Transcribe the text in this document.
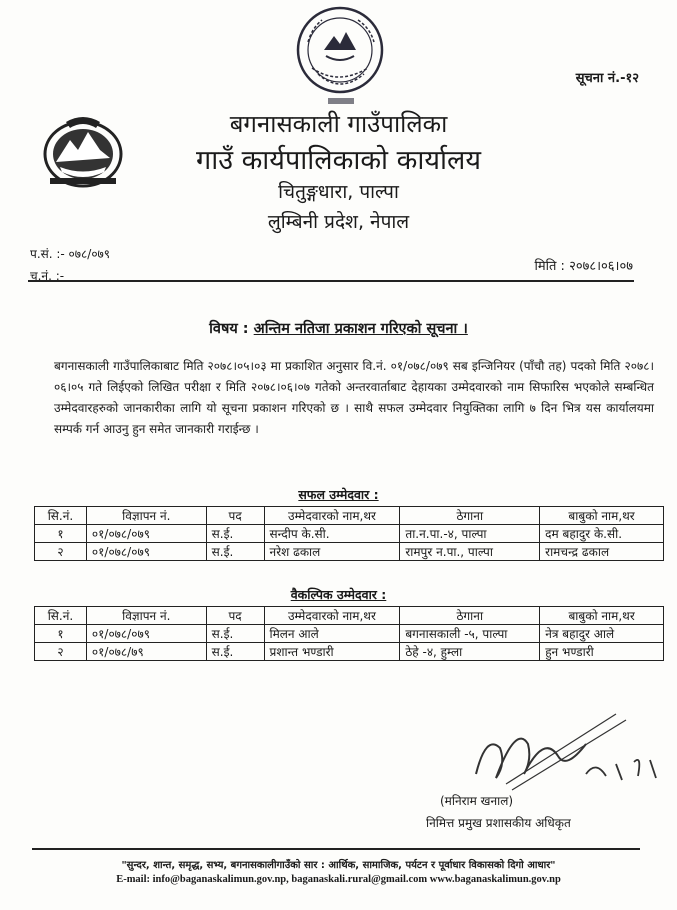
सूचना नं.-१२
बगनासकाली गाउँपालिका
गाउँ कार्यपालिकाको कार्यालय
चितुङ्गधारा, पाल्पा
लुम्बिनी प्रदेश, नेपाल
प.सं. :- ०७८/०७९
च.नं. :-
मिति : २०७८।०६।०७
विषय : अन्तिम नतिजा प्रकाशन गरिएको सूचना ।
बगनासकाली गाउँपालिकाबाट मिति २०७८।०५।०३ मा प्रकाशित अनुसार वि.नं. ०१/०७८/०७९ सब इन्जिनियर (पाँचौ तह) पदको मिति २०७८।०६।०५ गते लिईएको लिखित परीक्षा र मिति २०७८।०६।०७ गतेको अन्तरवार्ताबाट देहायका उम्मेदवारको नाम सिफारिस भएकोले सम्बन्धित उम्मेदवारहरुको जानकारीका लागि यो सूचना प्रकाशन गरिएको छ । साथै सफल उम्मेदवार नियुक्तिका लागि ७ दिन भित्र यस कार्यालयमा सम्पर्क गर्न आउनु हुन समेत जानकारी गराईन्छ ।
सफल उम्मेदवार :
सि.नं.	विज्ञापन नं.	पद	उम्मेदवारको नाम,थर	ठेगाना	बाबुको नाम,थर
१	०१/०७८/०७९	स.ई.	सन्दीप के.सी.	ता.न.पा.-४, पाल्पा	दम बहादुर के.सी.
२	०१/०७८/०७९	स.ई.	नरेश ढकाल	रामपुर न.पा., पाल्पा	रामचन्द्र ढकाल
वैकल्पिक उम्मेदवार :
सि.नं.	विज्ञापन नं.	पद	उम्मेदवारको नाम,थर	ठेगाना	बाबुको नाम,थर
१	०१/०७८/०७९	स.ई.	मिलन आले	बगनासकाली -५, पाल्पा	नेत्र बहादुर आले
२	०१/०७८/७९	स.ई.	प्रशान्त भण्डारी	ठेहे -४, हुम्ला	हुन भण्डारी
(मनिराम खनाल)
निमित्त प्रमुख प्रशासकीय अधिकृत
"सुन्दर, शान्त, समृद्ध, सभ्य, बगनासकालीगाउँको सार : आर्थिक, सामाजिक, पर्यटन र पूर्वाधार विकासको दिगो आधार"
E-mail: info@baganaskalimun.gov.np, baganaskali.rural@gmail.com www.baganaskalimun.gov.np
